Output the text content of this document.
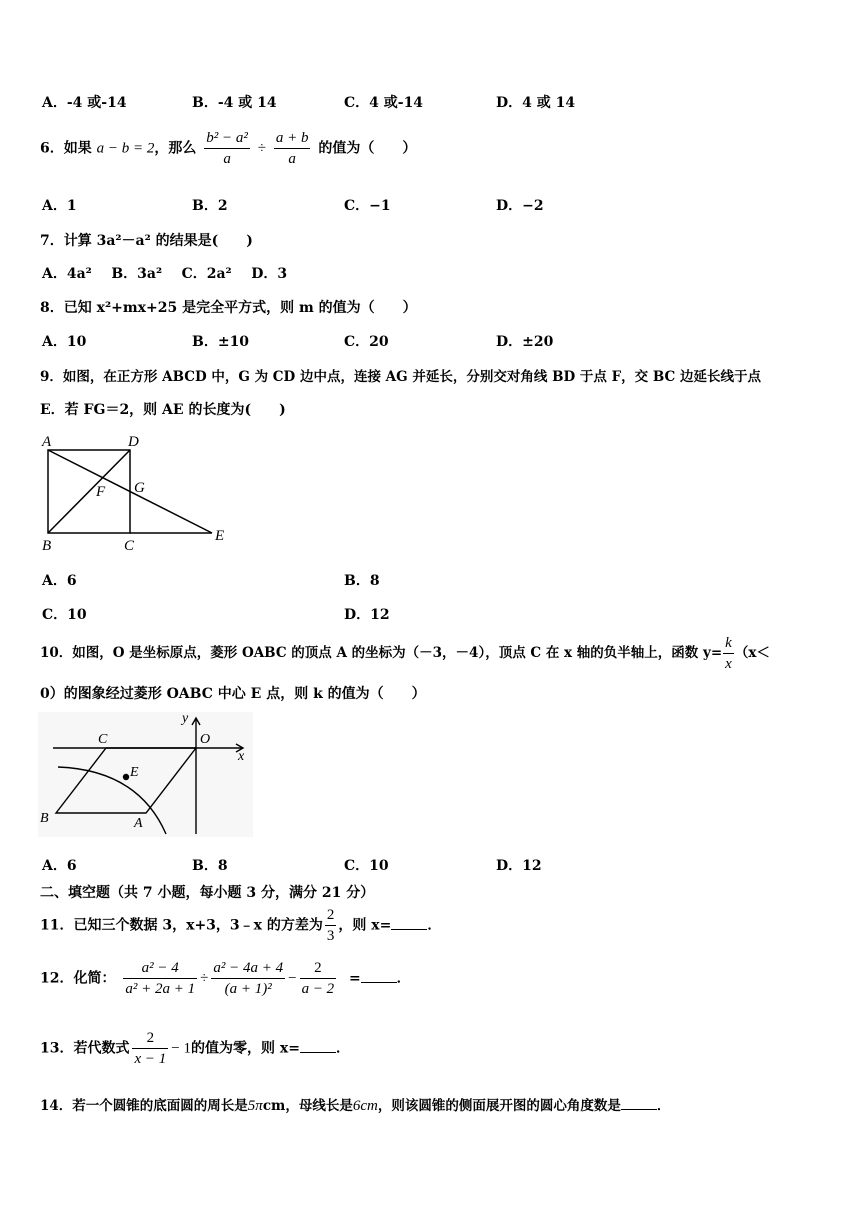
A．-4 或-14	B．-4 或 14	C．4 或-14	D．4 或 14
6．如果 a − b = 2，那么 $\frac{\text{b² − a²}}{a} \div \frac{a + b}{a}$ 的值为（　　）
A．1	B．2	C．−1	D．−2
7．计算 3a²－a² 的结果是(　　)
A．4a² B．3a² C．2a² D．3
8．已知 x²+mx+25 是完全平方式，则 m 的值为（　　）
A．10	B．±10	C．20	D．±20
9．如图，在正方形 ABCD 中，G 为 CD 边中点，连接 AG 并延长，分别交对角线 BD 于点 F，交 BC 边延长线于点
E．若 FG＝2，则 AE 的长度为(　　)
A	D
F G
B	C
E
A．6	B．8
C．10	D．12
10．如图，O 是坐标原点，菱形 OABC 的顶点 A 的坐标为（－3，－4），顶点 C 在 x 轴的负半轴上，函数 $y= \frac{k}{x} (x<$
0）的图象经过菱形 OABC 中心 E 点，则 k 的值为（　　）
y
O
x
C
E
B	A
A．6	B．8	C．10	D．12
二、填空题（共 7 小题，每小题 3 分，满分 21 分）
11．已知三个数据 3，x+3，3﹣x 的方差为 $\frac{2}{3}$ ，则 x=	．
12．化简： $\frac{\text{a² − 4}}{\text{a² + 2a + 1}} \div \frac{\text{a² − 4a + 4}}{\text{(a + 1)²}} - \frac{2}{a - 2}$ =	．
13．若代数式 $\frac{2}{x - 1} - 1$的值为零，则 x=	．
14．若一个圆锥的底面圆的周长是5πcm，母线长是6cm，则该圆锥的侧面展开图的圆心角度数是	．
